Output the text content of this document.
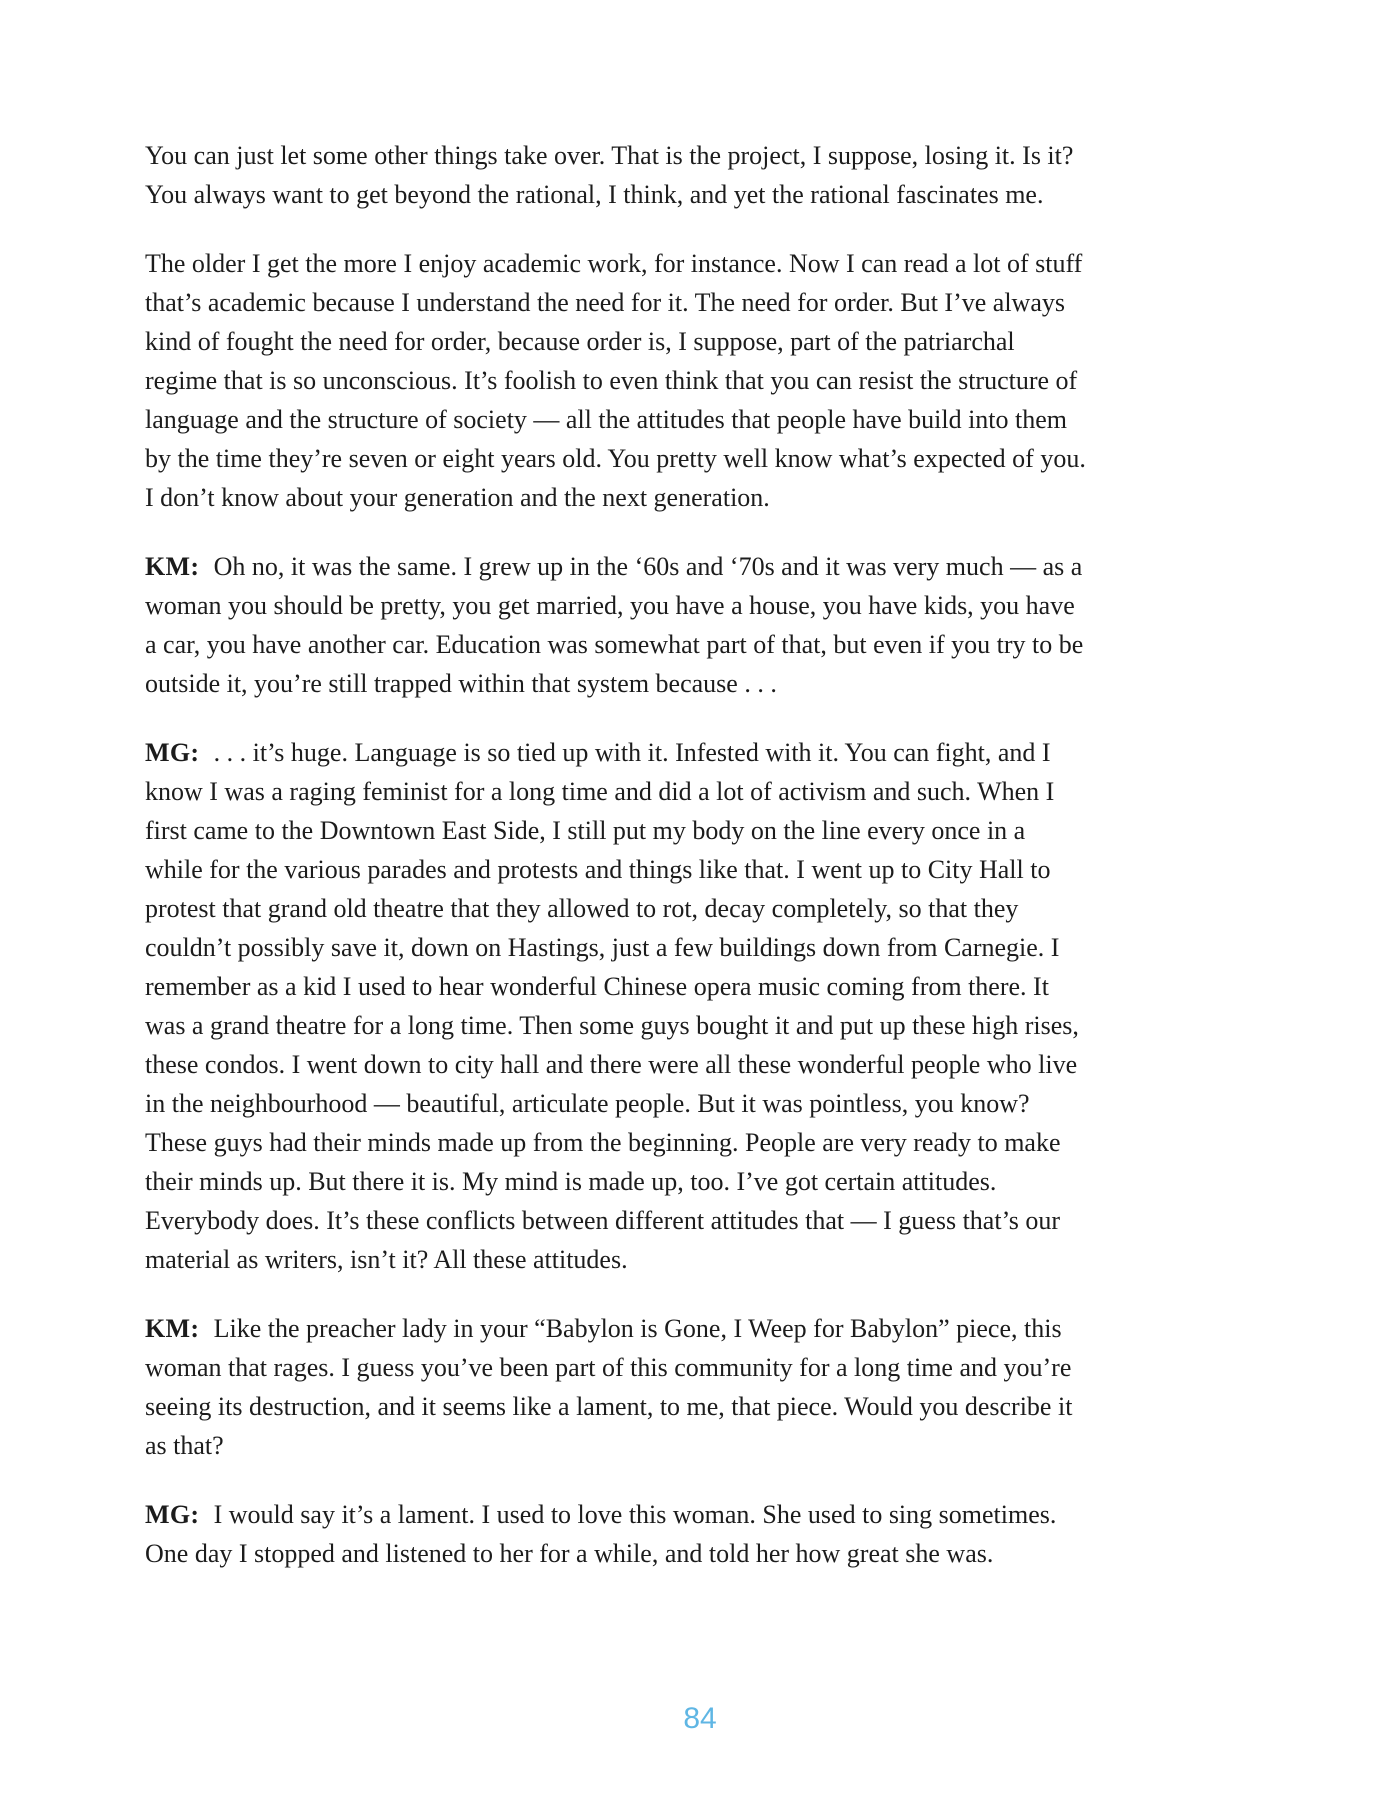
You can just let some other things take over. That is the project, I suppose, losing it. Is it? You always want to get beyond the rational, I think, and yet the rational fascinates me.

The older I get the more I enjoy academic work, for instance. Now I can read a lot of stuff that’s academic because I understand the need for it. The need for order. But I’ve always kind of fought the need for order, because order is, I suppose, part of the patriarchal regime that is so unconscious. It’s foolish to even think that you can resist the structure of language and the structure of society — all the attitudes that people have build into them by the time they’re seven or eight years old. You pretty well know what’s expected of you. I don’t know about your generation and the next generation.

KM: Oh no, it was the same. I grew up in the ‘60s and ‘70s and it was very much — as a woman you should be pretty, you get married, you have a house, you have kids, you have a car, you have another car. Education was somewhat part of that, but even if you try to be outside it, you’re still trapped within that system because . . .

MG: . . . it’s huge. Language is so tied up with it. Infested with it. You can fight, and I know I was a raging feminist for a long time and did a lot of activism and such. When I first came to the Downtown East Side, I still put my body on the line every once in a while for the various parades and protests and things like that. I went up to City Hall to protest that grand old theatre that they allowed to rot, decay completely, so that they couldn’t possibly save it, down on Hastings, just a few buildings down from Carnegie. I remember as a kid I used to hear wonderful Chinese opera music coming from there. It was a grand theatre for a long time. Then some guys bought it and put up these high rises, these condos. I went down to city hall and there were all these wonderful people who live in the neighbourhood — beautiful, articulate people. But it was pointless, you know? These guys had their minds made up from the beginning. People are very ready to make their minds up. But there it is. My mind is made up, too. I’ve got certain attitudes. Everybody does. It’s these conflicts between different attitudes that — I guess that’s our material as writers, isn’t it? All these attitudes.

KM: Like the preacher lady in your “Babylon is Gone, I Weep for Babylon” piece, this woman that rages. I guess you’ve been part of this community for a long time and you’re seeing its destruction, and it seems like a lament, to me, that piece. Would you describe it as that?

MG: I would say it’s a lament. I used to love this woman. She used to sing sometimes. One day I stopped and listened to her for a while, and told her how great she was.

84
